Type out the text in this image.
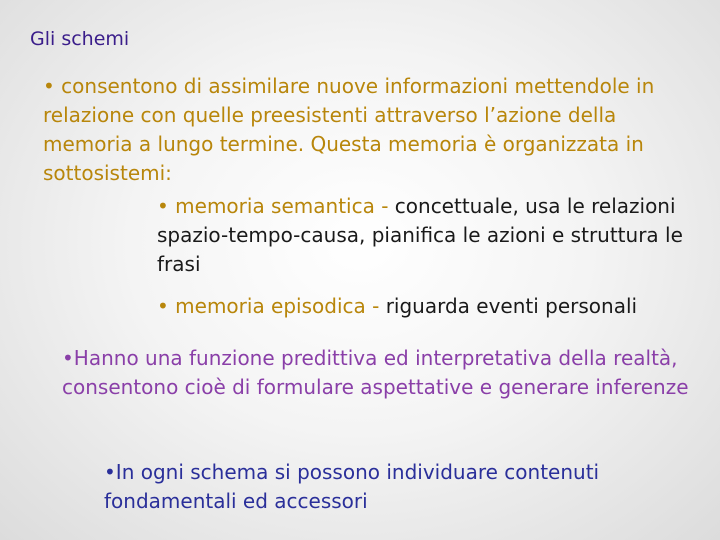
Gli schemi
• consentono di assimilare nuove informazioni mettendole in relazione con quelle preesistenti attraverso l’azione della memoria a lungo termine. Questa memoria è organizzata in sottosistemi:
• memoria semantica - concettuale, usa le relazioni spazio-tempo-causa, pianifica le azioni e struttura le frasi
• memoria episodica - riguarda eventi personali
•Hanno una funzione predittiva ed interpretativa della realtà, consentono cioè di formulare aspettative e generare inferenze
•In ogni schema si possono individuare contenuti fondamentali ed accessori
